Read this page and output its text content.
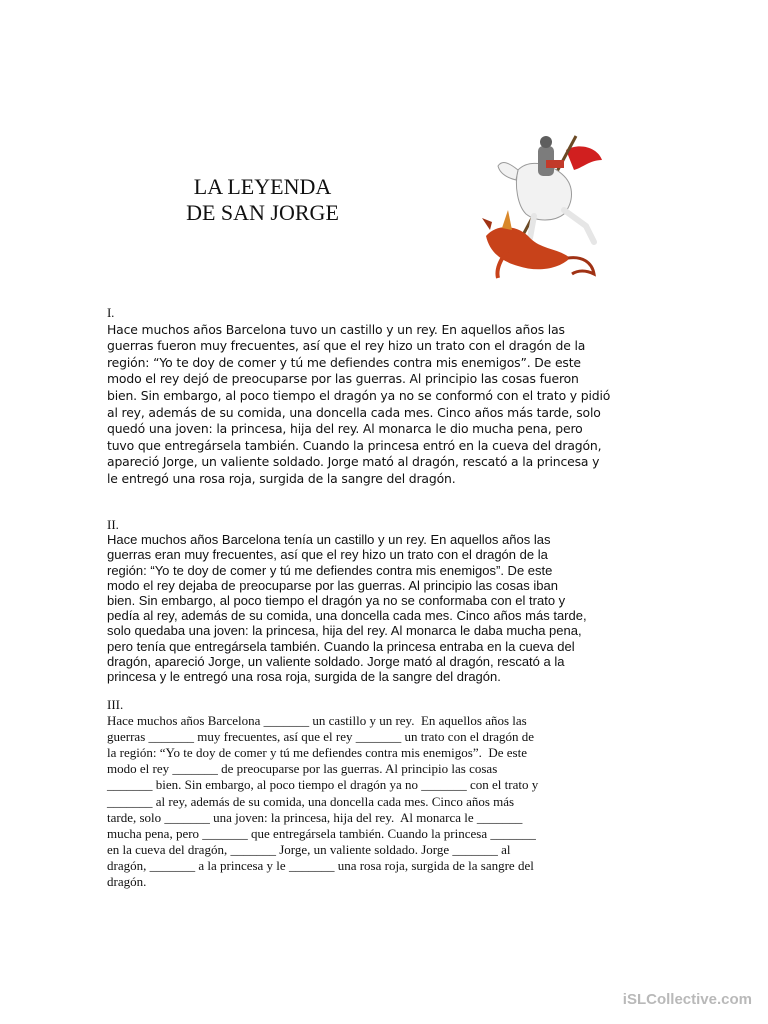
LA LEYENDA
DE SAN JORGE
I.
Hace muchos años Barcelona tuvo un castillo y un rey. En aquellos años las
guerras fueron muy frecuentes, así que el rey hizo un trato con el dragón de la
región: “Yo te doy de comer y tú me defiendes contra mis enemigos”. De este
modo el rey dejó de preocuparse por las guerras. Al principio las cosas fueron
bien. Sin embargo, al poco tiempo el dragón ya no se conformó con el trato y pidió
al rey, además de su comida, una doncella cada mes. Cinco años más tarde, solo
quedó una joven: la princesa, hija del rey. Al monarca le dio mucha pena, pero
tuvo que entregársela también. Cuando la princesa entró en la cueva del dragón,
apareció Jorge, un valiente soldado. Jorge mató al dragón, rescató a la princesa y
le entregó una rosa roja, surgida de la sangre del dragón.
II.
Hace muchos años Barcelona tenía un castillo y un rey. En aquellos años las
guerras eran muy frecuentes, así que el rey hizo un trato con el dragón de la
región: “Yo te doy de comer y tú me defiendes contra mis enemigos”. De este
modo el rey dejaba de preocuparse por las guerras. Al principio las cosas iban
bien. Sin embargo, al poco tiempo el dragón ya no se conformaba con el trato y
pedía al rey, además de su comida, una doncella cada mes. Cinco años más tarde,
solo quedaba una joven: la princesa, hija del rey. Al monarca le daba mucha pena,
pero tenía que entregársela también. Cuando la princesa entraba en la cueva del
dragón, apareció Jorge, un valiente soldado. Jorge mató al dragón, rescató a la
princesa y le entregó una rosa roja, surgida de la sangre del dragón.
III.
Hace muchos años Barcelona _______ un castillo y un rey.  En aquellos años las
guerras _______ muy frecuentes, así que el rey _______ un trato con el dragón de
la región: “Yo te doy de comer y tú me defiendes contra mis enemigos”.  De este
modo el rey _______ de preocuparse por las guerras. Al principio las cosas
_______ bien. Sin embargo, al poco tiempo el dragón ya no _______ con el trato y
_______ al rey, además de su comida, una doncella cada mes. Cinco años más
tarde, solo _______ una joven: la princesa, hija del rey.  Al monarca le _______
mucha pena, pero _______ que entregársela también. Cuando la princesa _______
en la cueva del dragón, _______ Jorge, un valiente soldado. Jorge _______ al
dragón, _______ a la princesa y le _______ una rosa roja, surgida de la sangre del
dragón.
iSLCollective.com
